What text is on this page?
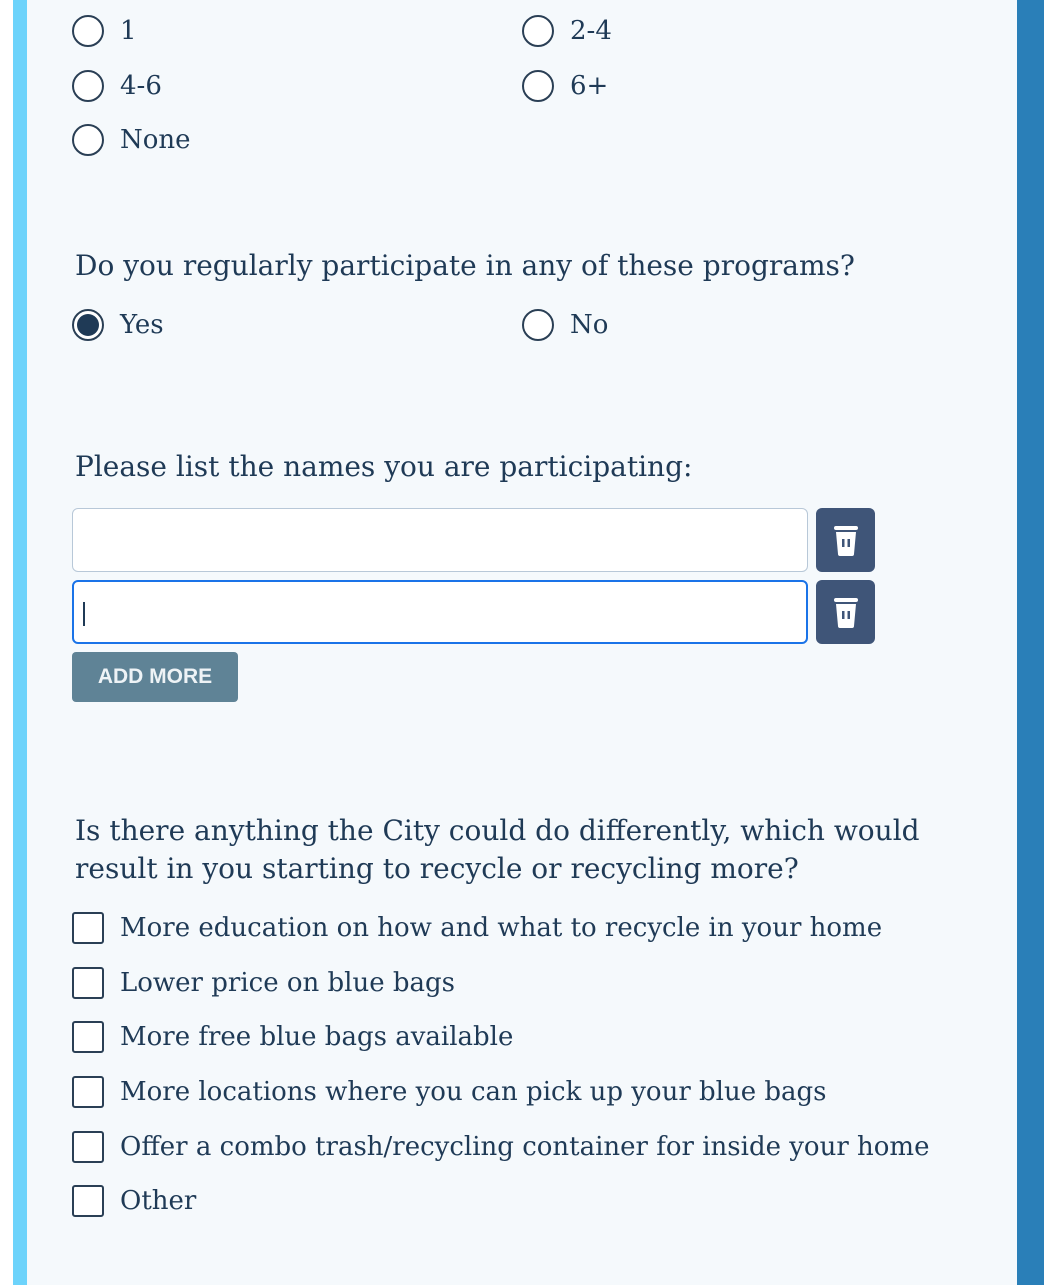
1	2-4
4-6	6+
None
Do you regularly participate in any of these programs?
Yes	No
Please list the names you are participating:
ADD MORE
Is there anything the City could do differently, which would result in you starting to recycle or recycling more?
More education on how and what to recycle in your home
Lower price on blue bags
More free blue bags available
More locations where you can pick up your blue bags
Offer a combo trash/recycling container for inside your home
Other
